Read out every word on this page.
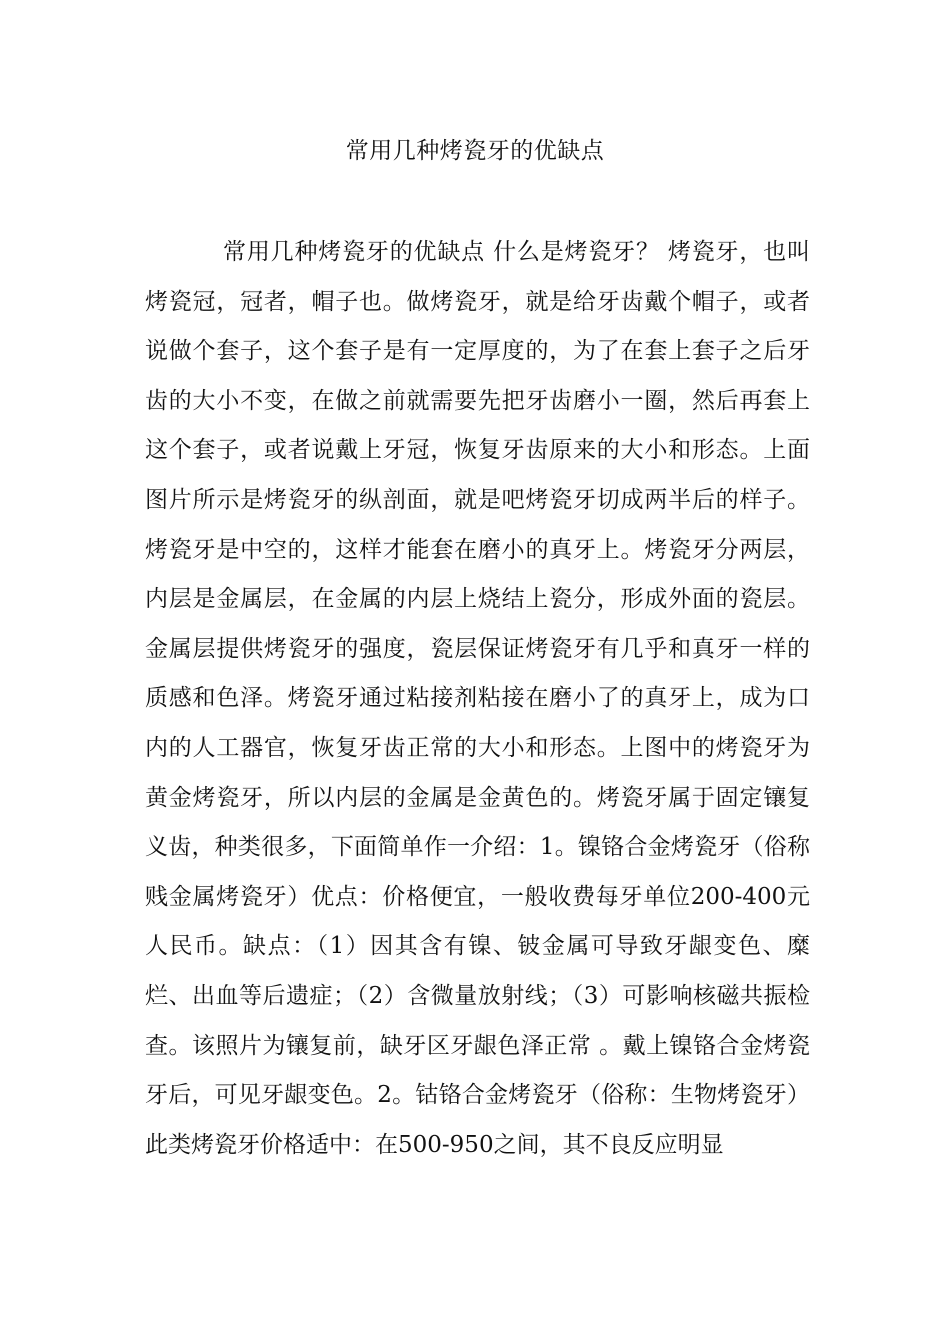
常用几种烤瓷牙的优缺点

常用几种烤瓷牙的优缺点 什么是烤瓷牙？ 烤瓷牙，也叫烤瓷冠，冠者，帽子也。做烤瓷牙，就是给牙齿戴个帽子，或者说做个套子，这个套子是有一定厚度的，为了在套上套子之后牙齿的大小不变，在做之前就需要先把牙齿磨小一圈，然后再套上这个套子，或者说戴上牙冠，恢复牙齿原来的大小和形态。上面图片所示是烤瓷牙的纵剖面，就是吧烤瓷牙切成两半后的样子。烤瓷牙是中空的，这样才能套在磨小的真牙上。烤瓷牙分两层，内层是金属层，在金属的内层上烧结上瓷分，形成外面的瓷层。金属层提供烤瓷牙的强度，瓷层保证烤瓷牙有几乎和真牙一样的质感和色泽。烤瓷牙通过粘接剂粘接在磨小了的真牙上，成为口内的人工器官，恢复牙齿正常的大小和形态。上图中的烤瓷牙为黄金烤瓷牙，所以内层的金属是金黄色的。烤瓷牙属于固定镶复义齿，种类很多，下面简单作一介绍：1。镍铬合金烤瓷牙（俗称贱金属烤瓷牙）优点：价格便宜，一般收费每牙单位200-400元人民币。缺点：（1）因其含有镍、铍金属可导致牙龈变色、糜烂、出血等后遗症；（2）含微量放射线；（3）可影响核磁共振检查。该照片为镶复前，缺牙区牙龈色泽正常 。戴上镍铬合金烤瓷牙后，可见牙龈变色。2。钴铬合金烤瓷牙（俗称：生物烤瓷牙）此类烤瓷牙价格适中：在500-950之间，其不良反应明显
